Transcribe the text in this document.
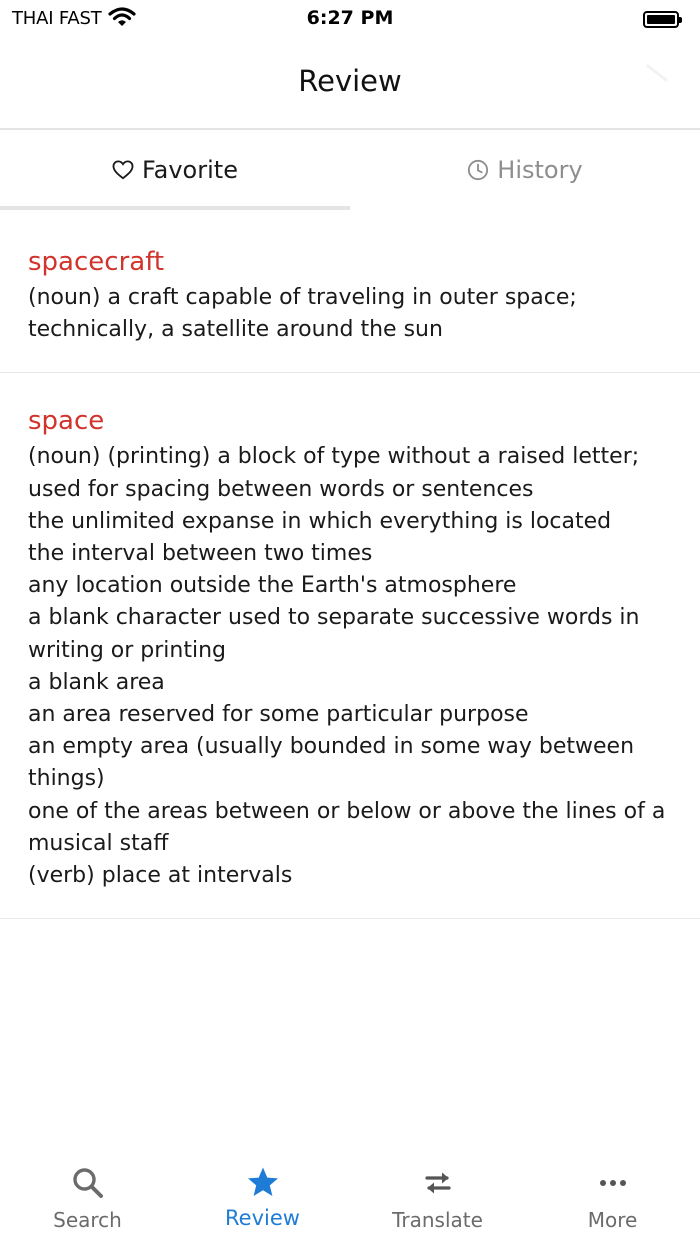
THAI FAST	6:27 PM
Review
Favorite	History
spacecraft
(noun) a craft capable of traveling in outer space;
technically, a satellite around the sun
space
(noun) (printing) a block of type without a raised letter;
used for spacing between words or sentences
the unlimited expanse in which everything is located
the interval between two times
any location outside the Earth's atmosphere
a blank character used to separate successive words in
writing or printing
a blank area
an area reserved for some particular purpose
an empty area (usually bounded in some way between
things)
one of the areas between or below or above the lines of a
musical staff
(verb) place at intervals
Search	Review	Translate	More
